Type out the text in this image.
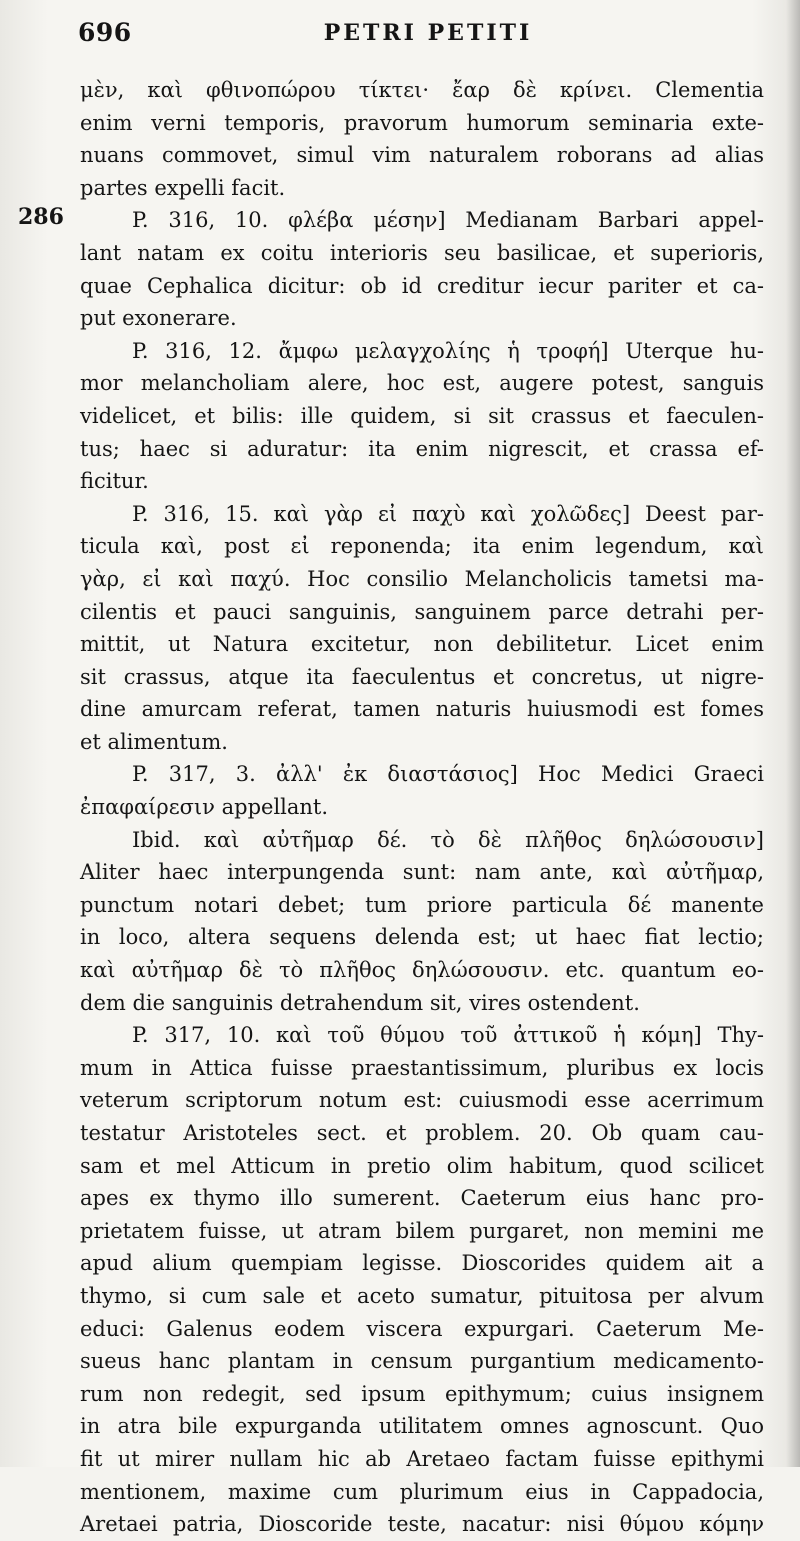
696	PETRI PETITI
μὲν, καὶ φθινοπώρου τίκτει· ἔαρ δὲ κρίνει. Clementia
enim verni temporis, pravorum humorum seminaria exte-
nuans commovet, simul vim naturalem roborans ad alias
partes expelli facit.
P. 316, 10. φλέβα μέσην] Medianam Barbari appel-
286
lant natam ex coitu interioris seu basilicae, et superioris,
quae Cephalica dicitur: ob id creditur iecur pariter et ca-
put exonerare.
P. 316, 12. ἄμφω μελαγχολίης ἡ τροφή] Uterque hu-
mor melancholiam alere, hoc est, augere potest, sanguis
videlicet, et bilis: ille quidem, si sit crassus et faeculen-
tus; haec si aduratur: ita enim nigrescit, et crassa ef-
ficitur.
P. 316, 15. καὶ γὰρ εἰ παχὺ καὶ χολῶδες] Deest par-
ticula καὶ, post εἰ reponenda; ita enim legendum, καὶ
γὰρ, εἰ καὶ παχύ. Hoc consilio Melancholicis tametsi ma-
cilentis et pauci sanguinis, sanguinem parce detrahi per-
mittit, ut Natura excitetur, non debilitetur. Licet enim
sit crassus, atque ita faeculentus et concretus, ut nigre-
dine amurcam referat, tamen naturis huiusmodi est fomes
et alimentum.
P. 317, 3. ἀλλ' ἐκ διαστάσιος] Hoc Medici Graeci
ἐπαφαίρεσιν appellant.
Ibid. καὶ αὐτῆμαρ δέ. τὸ δὲ πλῆθος δηλώσουσιν]
Aliter haec interpungenda sunt: nam ante, καὶ αὐτῆμαρ,
punctum notari debet; tum priore particula δέ manente
in loco, altera sequens delenda est; ut haec fiat lectio;
καὶ αὐτῆμαρ δὲ τὸ πλῆθος δηλώσουσιν. etc. quantum eo-
dem die sanguinis detrahendum sit, vires ostendent.
P. 317, 10. καὶ τοῦ θύμου τοῦ ἀττικοῦ ἡ κόμη] Thy-
mum in Attica fuisse praestantissimum, pluribus ex locis
veterum scriptorum notum est: cuiusmodi esse acerrimum
testatur Aristoteles sect. et problem. 20. Ob quam cau-
sam et mel Atticum in pretio olim habitum, quod scilicet
apes ex thymo illo sumerent. Caeterum eius hanc pro-
prietatem fuisse, ut atram bilem purgaret, non memini me
apud alium quempiam legisse. Dioscorides quidem ait a
thymo, si cum sale et aceto sumatur, pituitosa per alvum
educi: Galenus eodem viscera expurgari. Caeterum Me-
sueus hanc plantam in censum purgantium medicamento-
rum non redegit, sed ipsum epithymum; cuius insignem
in atra bile expurganda utilitatem omnes agnoscunt. Quo
fit ut mirer nullam hic ab Aretaeo factam fuisse epithymi
mentionem, maxime cum plurimum eius in Cappadocia,
Aretaei patria, Dioscoride teste, nacatur: nisi θύμου κόμην
